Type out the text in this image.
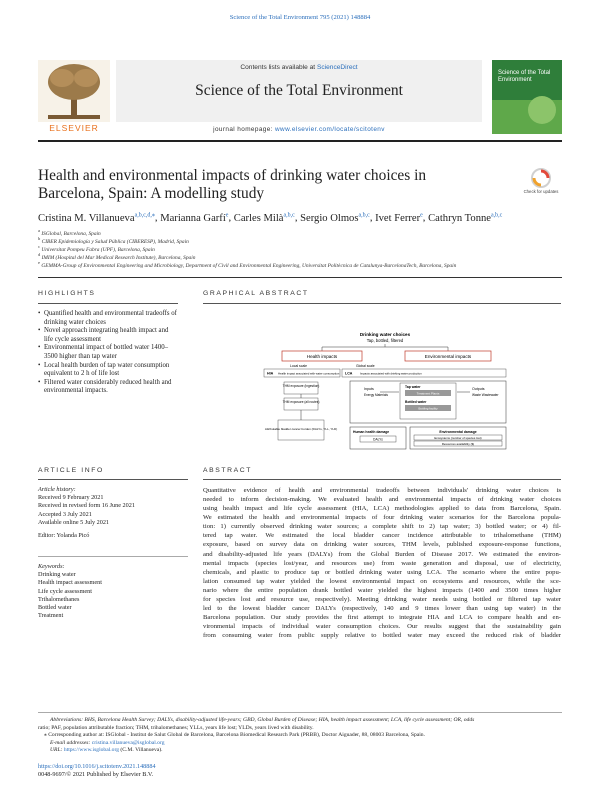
Science of the Total Environment 795 (2021) 148884
ELSEVIER
Contents lists available at ScienceDirect
Science of the Total Environment
journal homepage: www.elsevier.com/locate/scitotenv
Science of the Total Environment
Health and environmental impacts of drinking water choices in
Barcelona, Spain: A modelling study	Check for updates
Cristina M. Villanueva$^{a,b,c,d,⁎}$, Marianna Garfí$^e$, Carles Milà$^{a,b,c}$, Sergio Olmos$^{a,b,c}$, Ivet Ferrer$^e$, Cathryn Tonne$^{a,b,c}$
$^a$ ISGlobal, Barcelona, Spain
$^b$ CIBER Epidemiología y Salud Pública (CIBERESP), Madrid, Spain
$^c$ Universitat Pompeu Fabra (UPF), Barcelona, Spain
$^d$ IMIM (Hospital del Mar Medical Research Institute), Barcelona, Spain
$^e$ GEMMA-Group of Environmental Engineering and Microbiology, Department of Civil and Environmental Engineering, Universitat Politècnica de Catalunya-BarcelonaTech, Barcelona, Spain
HIGHLIGHTS
• Quantified health and environmental tradeoffs of drinking water choices
• Novel approach integrating health impact and life cycle assessment
• Environmental impact of bottled water 1400–3500 higher than tap water
• Local health burden of tap water consumption equivalent to 2 h of life lost
• Filtered water considerably reduced health and environmental impacts.
GRAPHICAL ABSTRACT
Drinking water choices
Tap, bottled, filtered
Health impacts	Environmental impacts
Local scale	Global scale
HIA Health impact associated with water consumption LCA	Impacts associated with drinking water production
THM exposure (ingestion)
THM exposure (all routes)
Attributable bladder cancer burden (DALYs, YLL, YLD)
Inputs
Energy Materials
Tap water
Treatment Plants
Bottled water
Bottling facility
Outputs
Waste Wastewater
Human health damage
DALYs
Environmental damage
Ecosystems (number of species lost)
Resources availability ($)
ARTICLE INFO
Article history:
Received 9 February 2021
Received in revised form 16 June 2021
Accepted 3 July 2021
Available online 5 July 2021
Editor: Yolanda Picó
Keywords:
Drinking water
Health impact assessment
Life cycle assessment
Trihalomethanes
Bottled water
Treatment
ABSTRACT
Quantitative evidence of health and environmental tradeoffs between individuals' drinking water choices is
needed to inform decision-making. We evaluated health and environmental impacts of drinking water choices
using health impact and life cycle assessment (HIA, LCA) methodologies applied to data from Barcelona, Spain.
We estimated the health and environmental impacts of four drinking water scenarios for the Barcelona popula-
tion: 1) currently observed drinking water sources; a complete shift to 2) tap water; 3) bottled water; or 4) fil-
tered tap water. We estimated the local bladder cancer incidence attributable to trihalomethane (THM)
exposure, based on survey data on drinking water sources, THM levels, published exposure-response functions,
and disability-adjusted life years (DALYs) from the Global Burden of Disease 2017. We estimated the environ-
mental impacts (species lost/year, and resources use) from waste generation and disposal, use of electricity,
chemicals, and plastic to produce tap or bottled drinking water using LCA. The scenario where the entire popu-
lation consumed tap water yielded the lowest environmental impact on ecosystems and resources, while the sce-
nario where the entire population drank bottled water yielded the highest impacts (1400 and 3500 times higher
for species lost and resource use, respectively). Meeting drinking water needs using bottled or filtered tap water
led to the lowest bladder cancer DALYs (respectively, 140 and 9 times lower than using tap water) in the
Barcelona population. Our study provides the first attempt to integrate HIA and LCA to compare health and en-
vironmental impacts of individual water consumption choices. Our results suggest that the sustainability gain
from consuming water from public supply relative to bottled water may exceed the reduced risk of bladder
Abbreviations: BHS, Barcelona Health Survey; DALYs, disability-adjusted life-years; GBD, Global Burden of Disease; HIA, health impact assessment; LCA, life cycle assessment; OR, odds
ratio; PAF, population attributable fraction; THM, trihalomethanes; YLLs, years life lost; YLDs, years lived with disability.
⁎ Corresponding author at: ISGlobal - Institut de Salut Global de Barcelona, Barcelona Biomedical Research Park (PRBB), Doctor Aiguader, 88, 08003 Barcelona, Spain.
E-mail addresses: cristina.villanueva@isglobal.org
URL: https://www.isglobal.org (C.M. Villanueva).
https://doi.org/10.1016/j.scitotenv.2021.148884
0048-9697/© 2021 Published by Elsevier B.V.
